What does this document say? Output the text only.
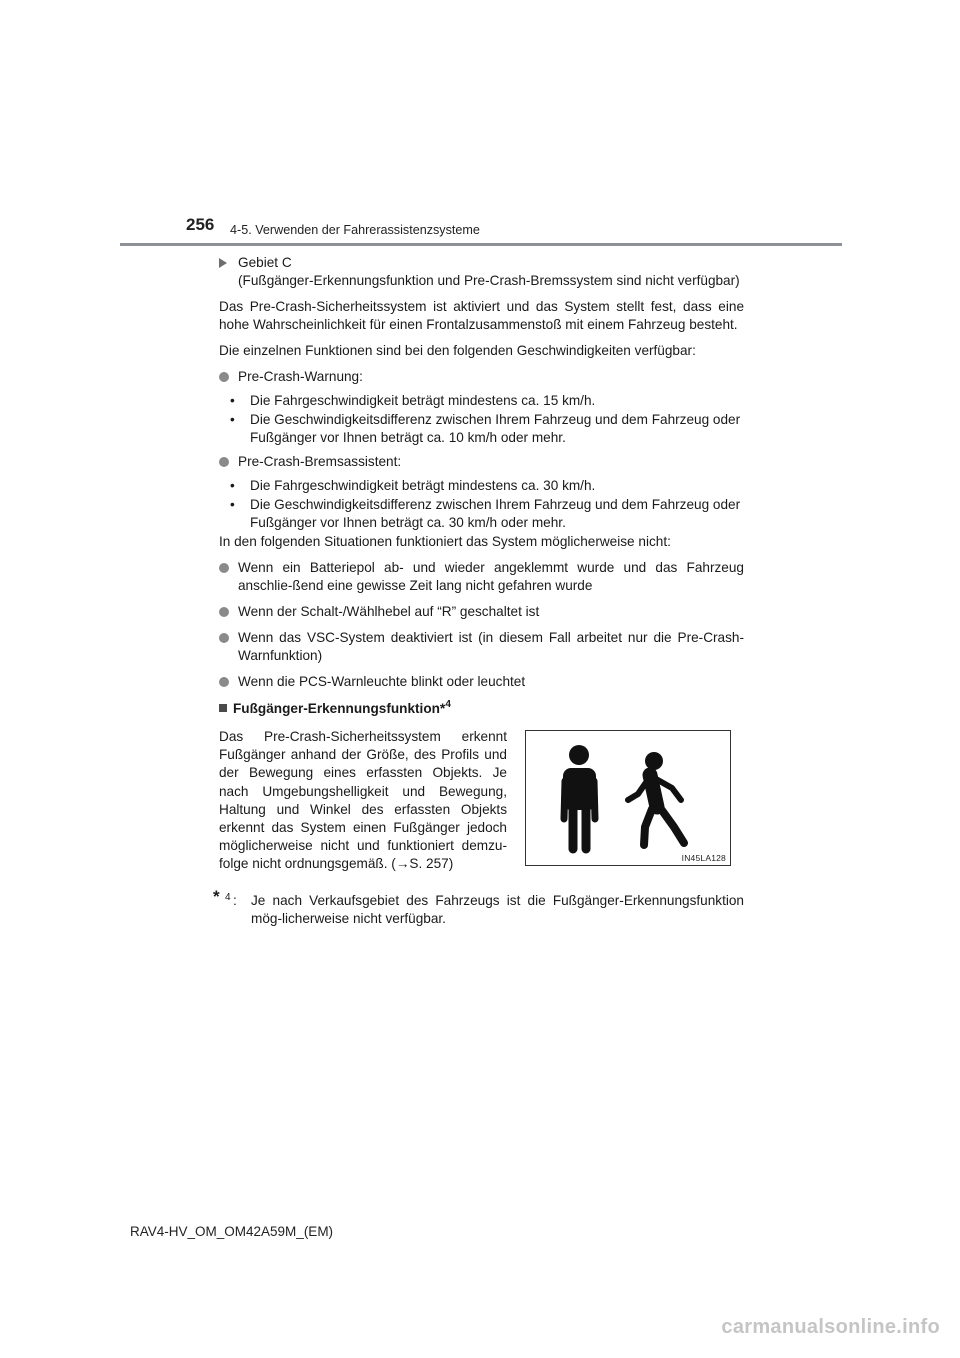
256 4-5. Verwenden der Fahrerassistenzsysteme
Gebiet C
(Fußgänger-Erkennungsfunktion und Pre-Crash-Bremssystem sind nicht verfügbar)

Das Pre-Crash-Sicherheitssystem ist aktiviert und das System stellt fest, dass eine hohe Wahrscheinlichkeit für einen Frontalzusammenstoß mit einem Fahrzeug besteht.

Die einzelnen Funktionen sind bei den folgenden Geschwindigkeiten verfügbar:

Pre-Crash-Warnung:
• Die Fahrgeschwindigkeit beträgt mindestens ca. 15 km/h.
• Die Geschwindigkeitsdifferenz zwischen Ihrem Fahrzeug und dem Fahrzeug oder Fußgänger vor Ihnen beträgt ca. 10 km/h oder mehr.
Pre-Crash-Bremsassistent:
• Die Fahrgeschwindigkeit beträgt mindestens ca. 30 km/h.
• Die Geschwindigkeitsdifferenz zwischen Ihrem Fahrzeug und dem Fahrzeug oder Fußgänger vor Ihnen beträgt ca. 30 km/h oder mehr.

In den folgenden Situationen funktioniert das System möglicherweise nicht:

Wenn ein Batteriepol ab- und wieder angeklemmt wurde und das Fahrzeug anschlie-ßend eine gewisse Zeit lang nicht gefahren wurde
Wenn der Schalt-/Wählhebel auf “R” geschaltet ist
Wenn das VSC-System deaktiviert ist (in diesem Fall arbeitet nur die Pre-Crash-Warnfunktion)
Wenn die PCS-Warnleuchte blinkt oder leuchtet
Fußgänger-Erkennungsfunktion*$^4$
Das Pre-Crash-Sicherheitssystem erkennt Fußgänger anhand der Größe, des Profils und der Bewegung eines erfassten Objekts. Je nach Umgebungshelligkeit und Bewegung, Haltung und Winkel des erfassten Objekts erkennt das System einen Fußgänger jedoch möglicherweise nicht und funktioniert demzu-folge nicht ordnungsgemäß. (→S. 257)	IN45LA128
* 4 : Je nach Verkaufsgebiet des Fahrzeugs ist die Fußgänger-Erkennungsfunktion mög-licherweise nicht verfügbar.
RAV4-HV_OM_OM42A59M_(EM)
carmanualsonline.info
